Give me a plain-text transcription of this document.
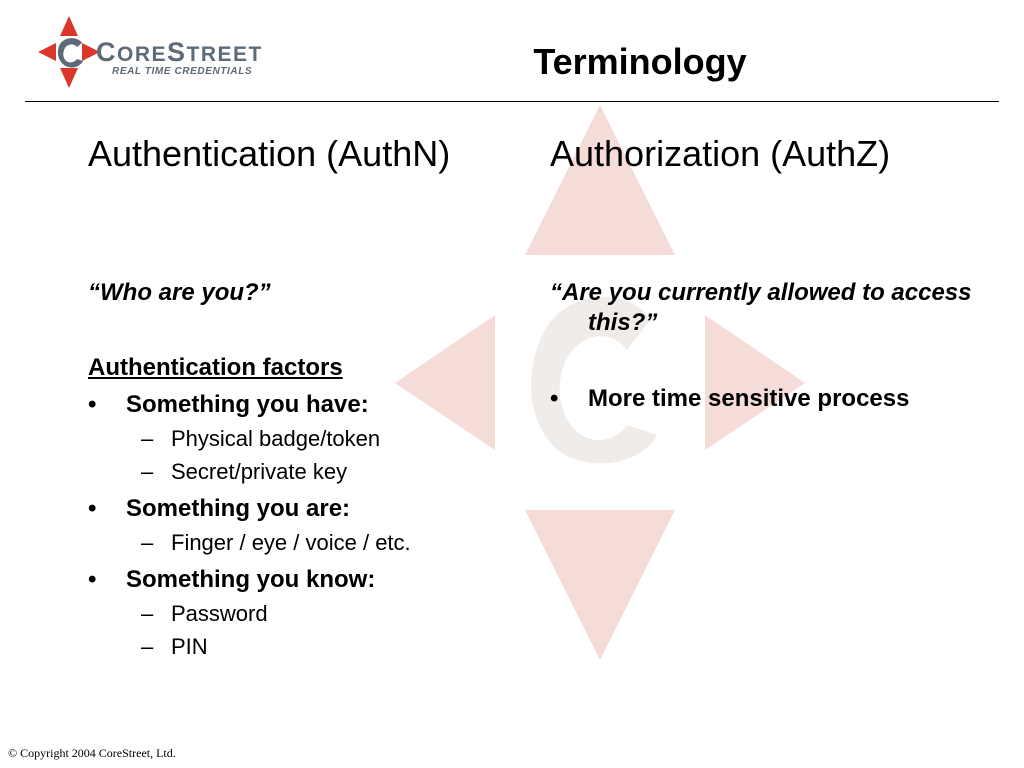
CORESTREET
REAL TIME CREDENTIALS	Terminology

Authentication (AuthN)

“Who are you?”

Authentication factors
•	Something you have:
– Physical badge/token
– Secret/private key
•	Something you are:
– Finger / eye / voice / etc.
•	Something you know:
– Password
– PIN

Authorization (AuthZ)

“Are you currently allowed to access this?”

•	More time sensitive process
© Copyright 2004 CoreStreet, Ltd.
